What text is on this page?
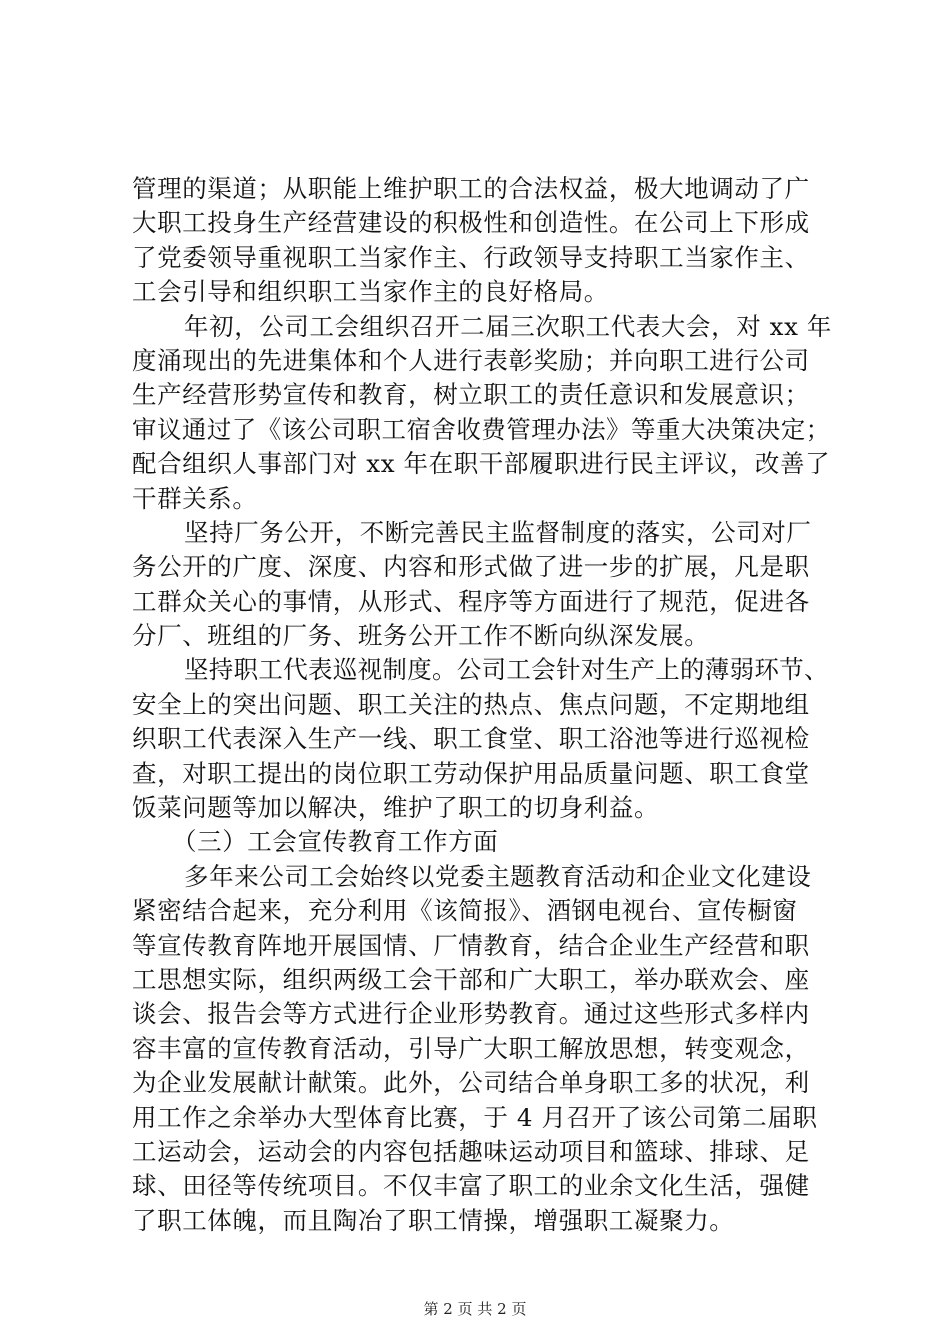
管理的渠道；从职能上维护职工的合法权益，极大地调动了广
大职工投身生产经营建设的积极性和创造性。在公司上下形成
了党委领导重视职工当家作主、行政领导支持职工当家作主、
工会引导和组织职工当家作主的良好格局。
年初，公司工会组织召开二届三次职工代表大会，对 xx 年
度涌现出的先进集体和个人进行表彰奖励；并向职工进行公司
生产经营形势宣传和教育，树立职工的责任意识和发展意识；
审议通过了《该公司职工宿舍收费管理办法》等重大决策决定；
配合组织人事部门对 xx 年在职干部履职进行民主评议，改善了
干群关系。
坚持厂务公开，不断完善民主监督制度的落实，公司对厂
务公开的广度、深度、内容和形式做了进一步的扩展，凡是职
工群众关心的事情，从形式、程序等方面进行了规范，促进各
分厂、班组的厂务、班务公开工作不断向纵深发展。
坚持职工代表巡视制度。公司工会针对生产上的薄弱环节、
安全上的突出问题、职工关注的热点、焦点问题，不定期地组
织职工代表深入生产一线、职工食堂、职工浴池等进行巡视检
查，对职工提出的岗位职工劳动保护用品质量问题、职工食堂
饭菜问题等加以解决，维护了职工的切身利益。
（三）工会宣传教育工作方面
多年来公司工会始终以党委主题教育活动和企业文化建设
紧密结合起来，充分利用《该简报》、酒钢电视台、宣传橱窗
等宣传教育阵地开展国情、厂情教育，结合企业生产经营和职
工思想实际，组织两级工会干部和广大职工，举办联欢会、座
谈会、报告会等方式进行企业形势教育。通过这些形式多样内
容丰富的宣传教育活动，引导广大职工解放思想，转变观念，
为企业发展献计献策。此外，公司结合单身职工多的状况，利
用工作之余举办大型体育比赛，于 4 月召开了该公司第二届职
工运动会，运动会的内容包括趣味运动项目和篮球、排球、足
球、田径等传统项目。不仅丰富了职工的业余文化生活，强健
了职工体魄，而且陶冶了职工情操，增强职工凝聚力。
第 2 页 共 2 页
